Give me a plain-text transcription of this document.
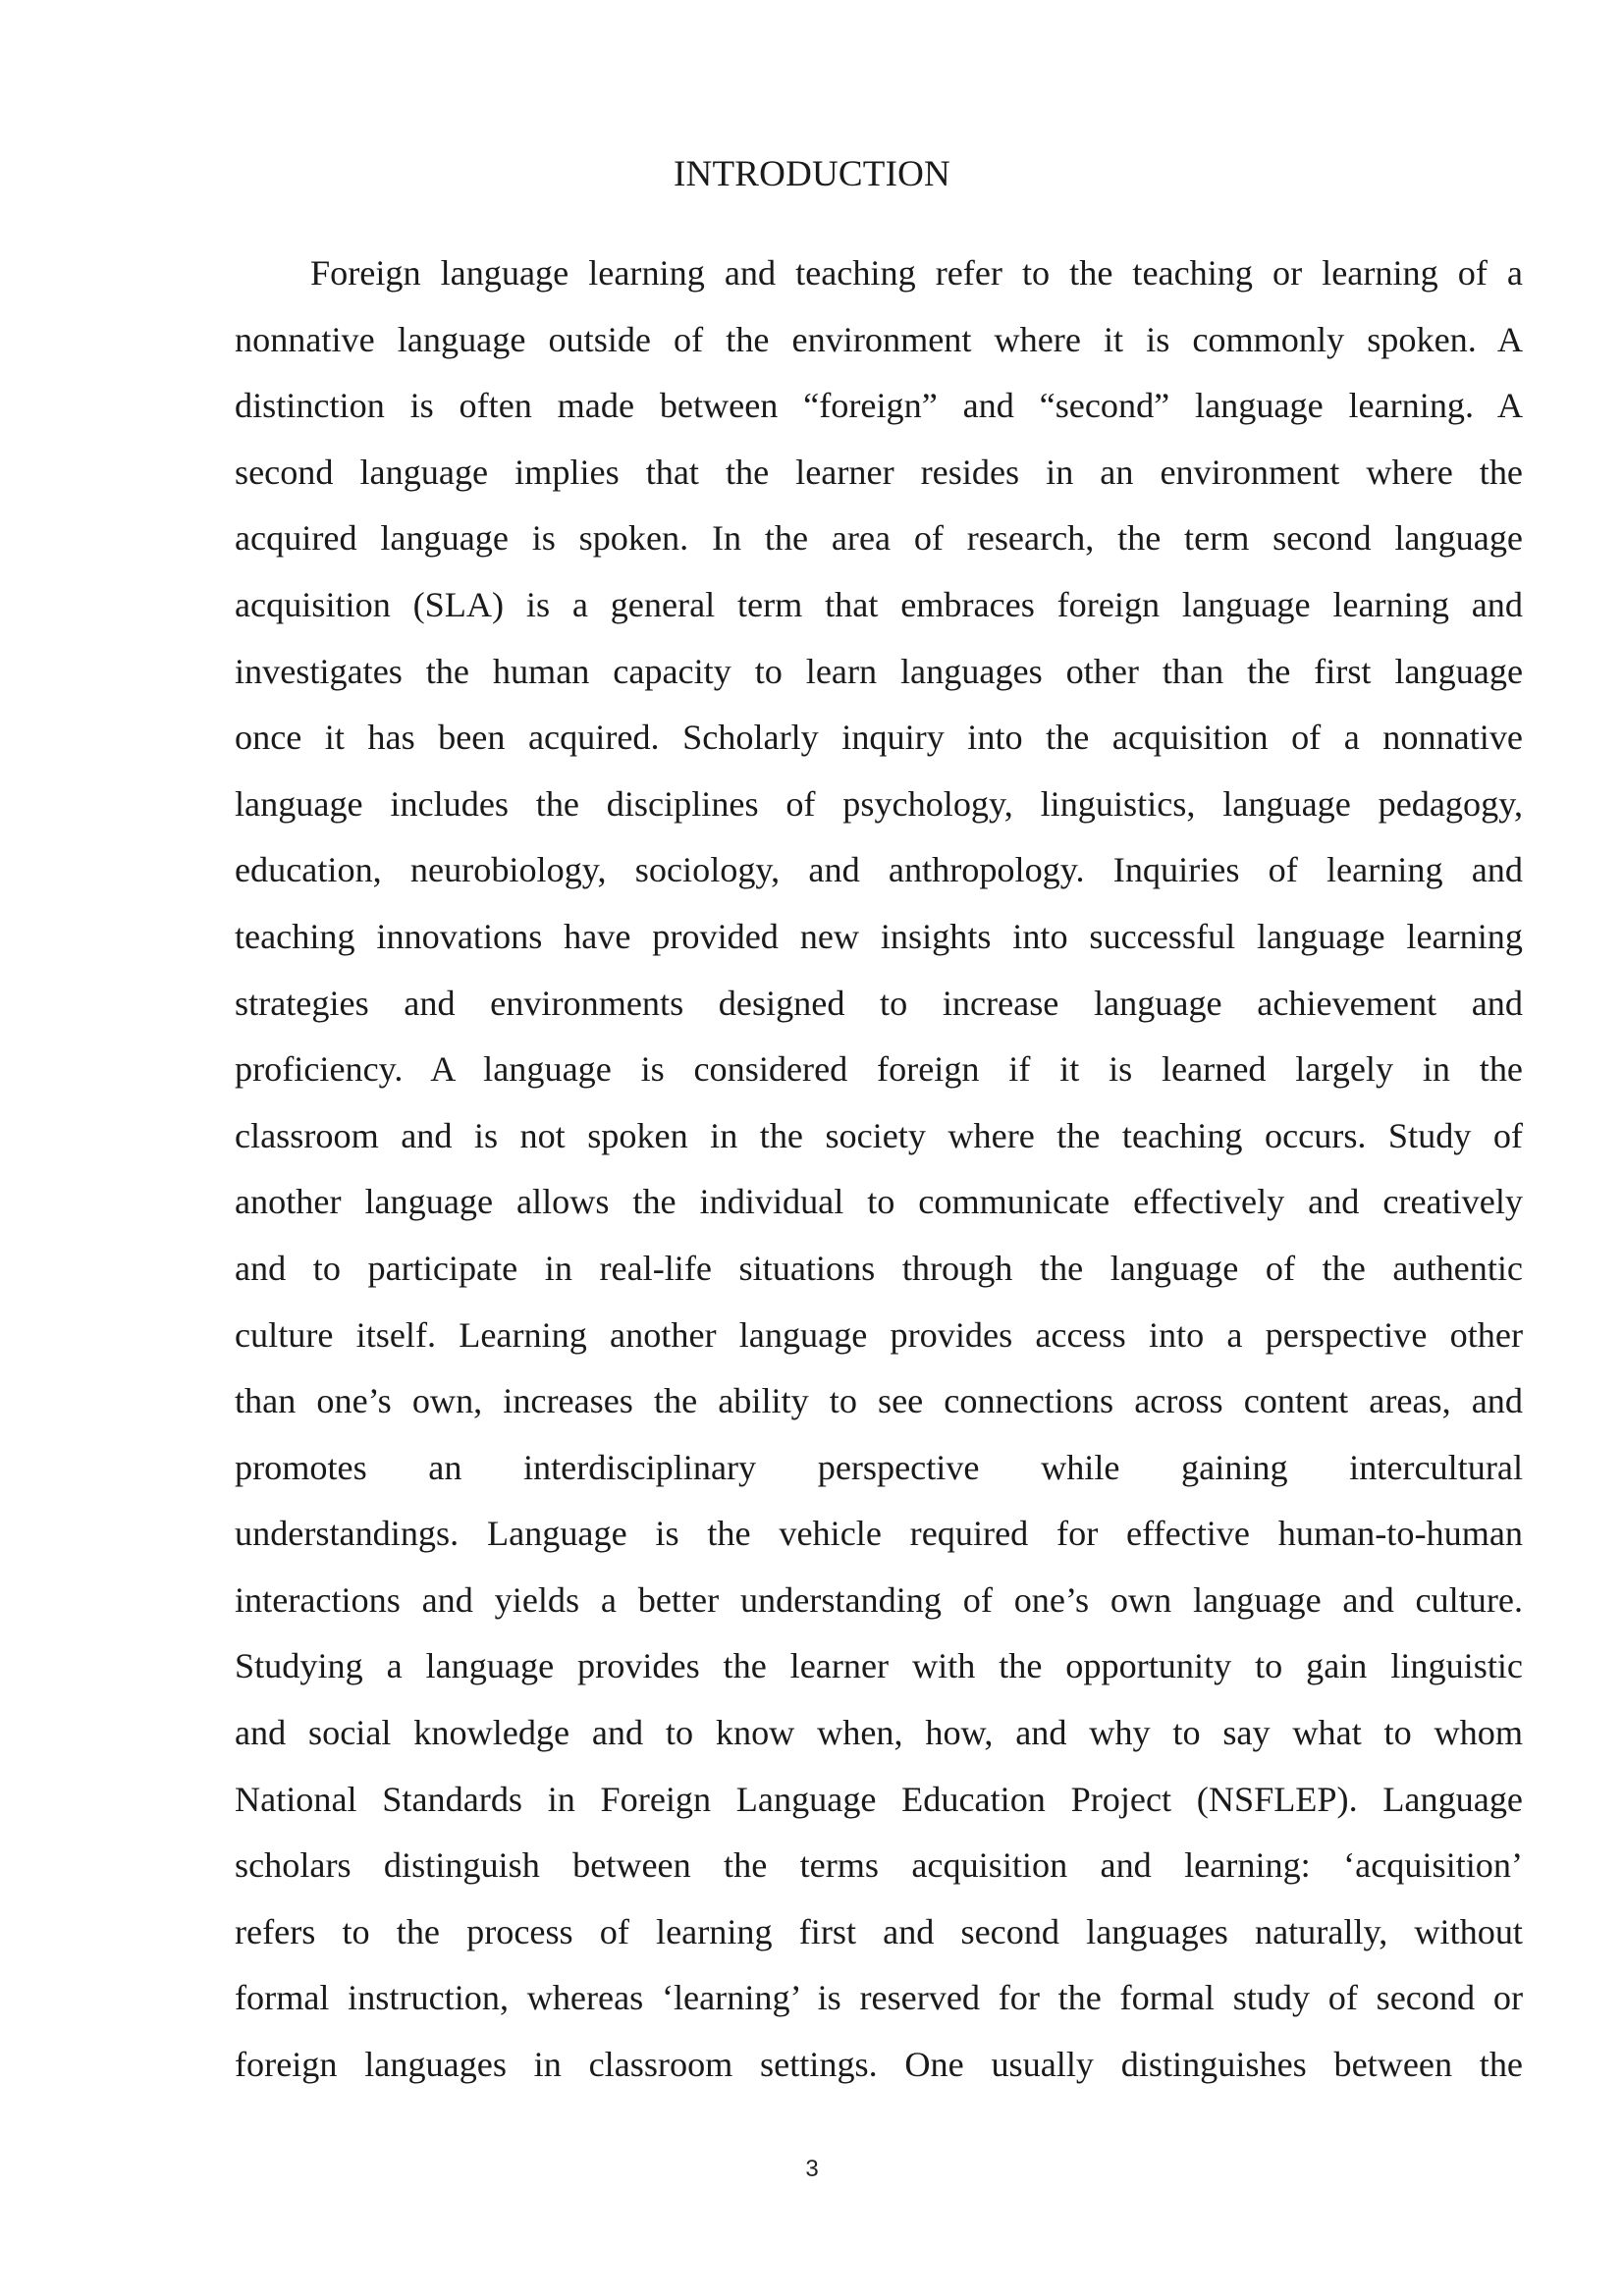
INTRODUCTION
Foreign language learning and teaching refer to the teaching or learning of a
nonnative language outside of the environment where it is commonly spoken. A
distinction is often made between “foreign” and “second” language learning. A
second language implies that the learner resides in an environment where the
acquired language is spoken. In the area of research, the term second language
acquisition (SLA) is a general term that embraces foreign language learning and
investigates the human capacity to learn languages other than the first language
once it has been acquired. Scholarly inquiry into the acquisition of a nonnative
language includes the disciplines of psychology, linguistics, language pedagogy,
education, neurobiology, sociology, and anthropology. Inquiries of learning and
teaching innovations have provided new insights into successful language learning
strategies and environments designed to increase language achievement and
proficiency. A language is considered foreign if it is learned largely in the
classroom and is not spoken in the society where the teaching occurs. Study of
another language allows the individual to communicate effectively and creatively
and to participate in real-life situations through the language of the authentic
culture itself. Learning another language provides access into a perspective other
than one’s own, increases the ability to see connections across content areas, and
promotes an interdisciplinary perspective while gaining intercultural
understandings. Language is the vehicle required for effective human-to-human
interactions and yields a better understanding of one’s own language and culture.
Studying a language provides the learner with the opportunity to gain linguistic
and social knowledge and to know when, how, and why to say what to whom
National Standards in Foreign Language Education Project (NSFLEP). Language
scholars distinguish between the terms acquisition and learning: ‘acquisition’
refers to the process of learning first and second languages naturally, without
formal instruction, whereas ‘learning’ is reserved for the formal study of second or
foreign languages in classroom settings. One usually distinguishes between the
3
